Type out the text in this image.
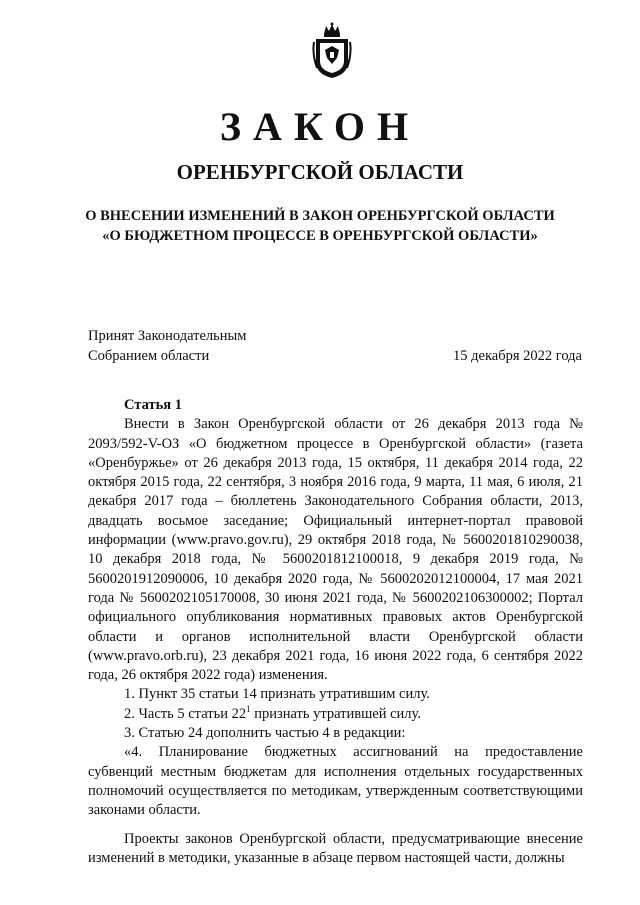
ЗАКОН
ОРЕНБУРГСКОЙ ОБЛАСТИ
О ВНЕСЕНИИ ИЗМЕНЕНИЙ В ЗАКОН ОРЕНБУРГСКОЙ ОБЛАСТИ
«О БЮДЖЕТНОМ ПРОЦЕССЕ В ОРЕНБУРГСКОЙ ОБЛАСТИ»
Принят Законодательным
Собранием области	15 декабря 2022 года

Статья 1

Внести в Закон Оренбургской области от 26 декабря 2013 года № 2093/592-V-ОЗ «О бюджетном процессе в Оренбургской области» (газета «Оренбуржье» от 26 декабря 2013 года, 15 октября, 11 декабря 2014 года, 22 октября 2015 года, 22 сентября, 3 ноября 2016 года, 9 марта, 11 мая, 6 июля, 21 декабря 2017 года – бюллетень Законодательного Собрания области, 2013, двадцать восьмое заседание; Официальный интернет-портал правовой информации (www.pravo.gov.ru), 29 октября 2018 года, № 5600201810290038, 10 декабря 2018 года, № 5600201812100018, 9 декабря 2019 года, № 5600201912090006, 10 декабря 2020 года, № 5600202012100004, 17 мая 2021 года № 5600202105170008, 30 июня 2021 года, № 5600202106300002; Портал официального опубликования нормативных правовых актов Оренбургской области и органов исполнительной власти Оренбургской области (www.pravo.orb.ru), 23 декабря 2021 года, 16 июня 2022 года, 6 сентября 2022 года, 26 октября 2022 года) изменения.

1. Пункт 35 статьи 14 признать утратившим силу.

2. Часть 5 статьи $22^1$ признать утратившей силу.

3. Статью 24 дополнить частью 4 в редакции:

«4. Планирование бюджетных ассигнований на предоставление субвенций местным бюджетам для исполнения отдельных государственных полномочий осуществляется по методикам, утвержденным соответствующими законами области.

Проекты законов Оренбургской области, предусматривающие внесение изменений в методики, указанные в абзаце первом настоящей части, должны
